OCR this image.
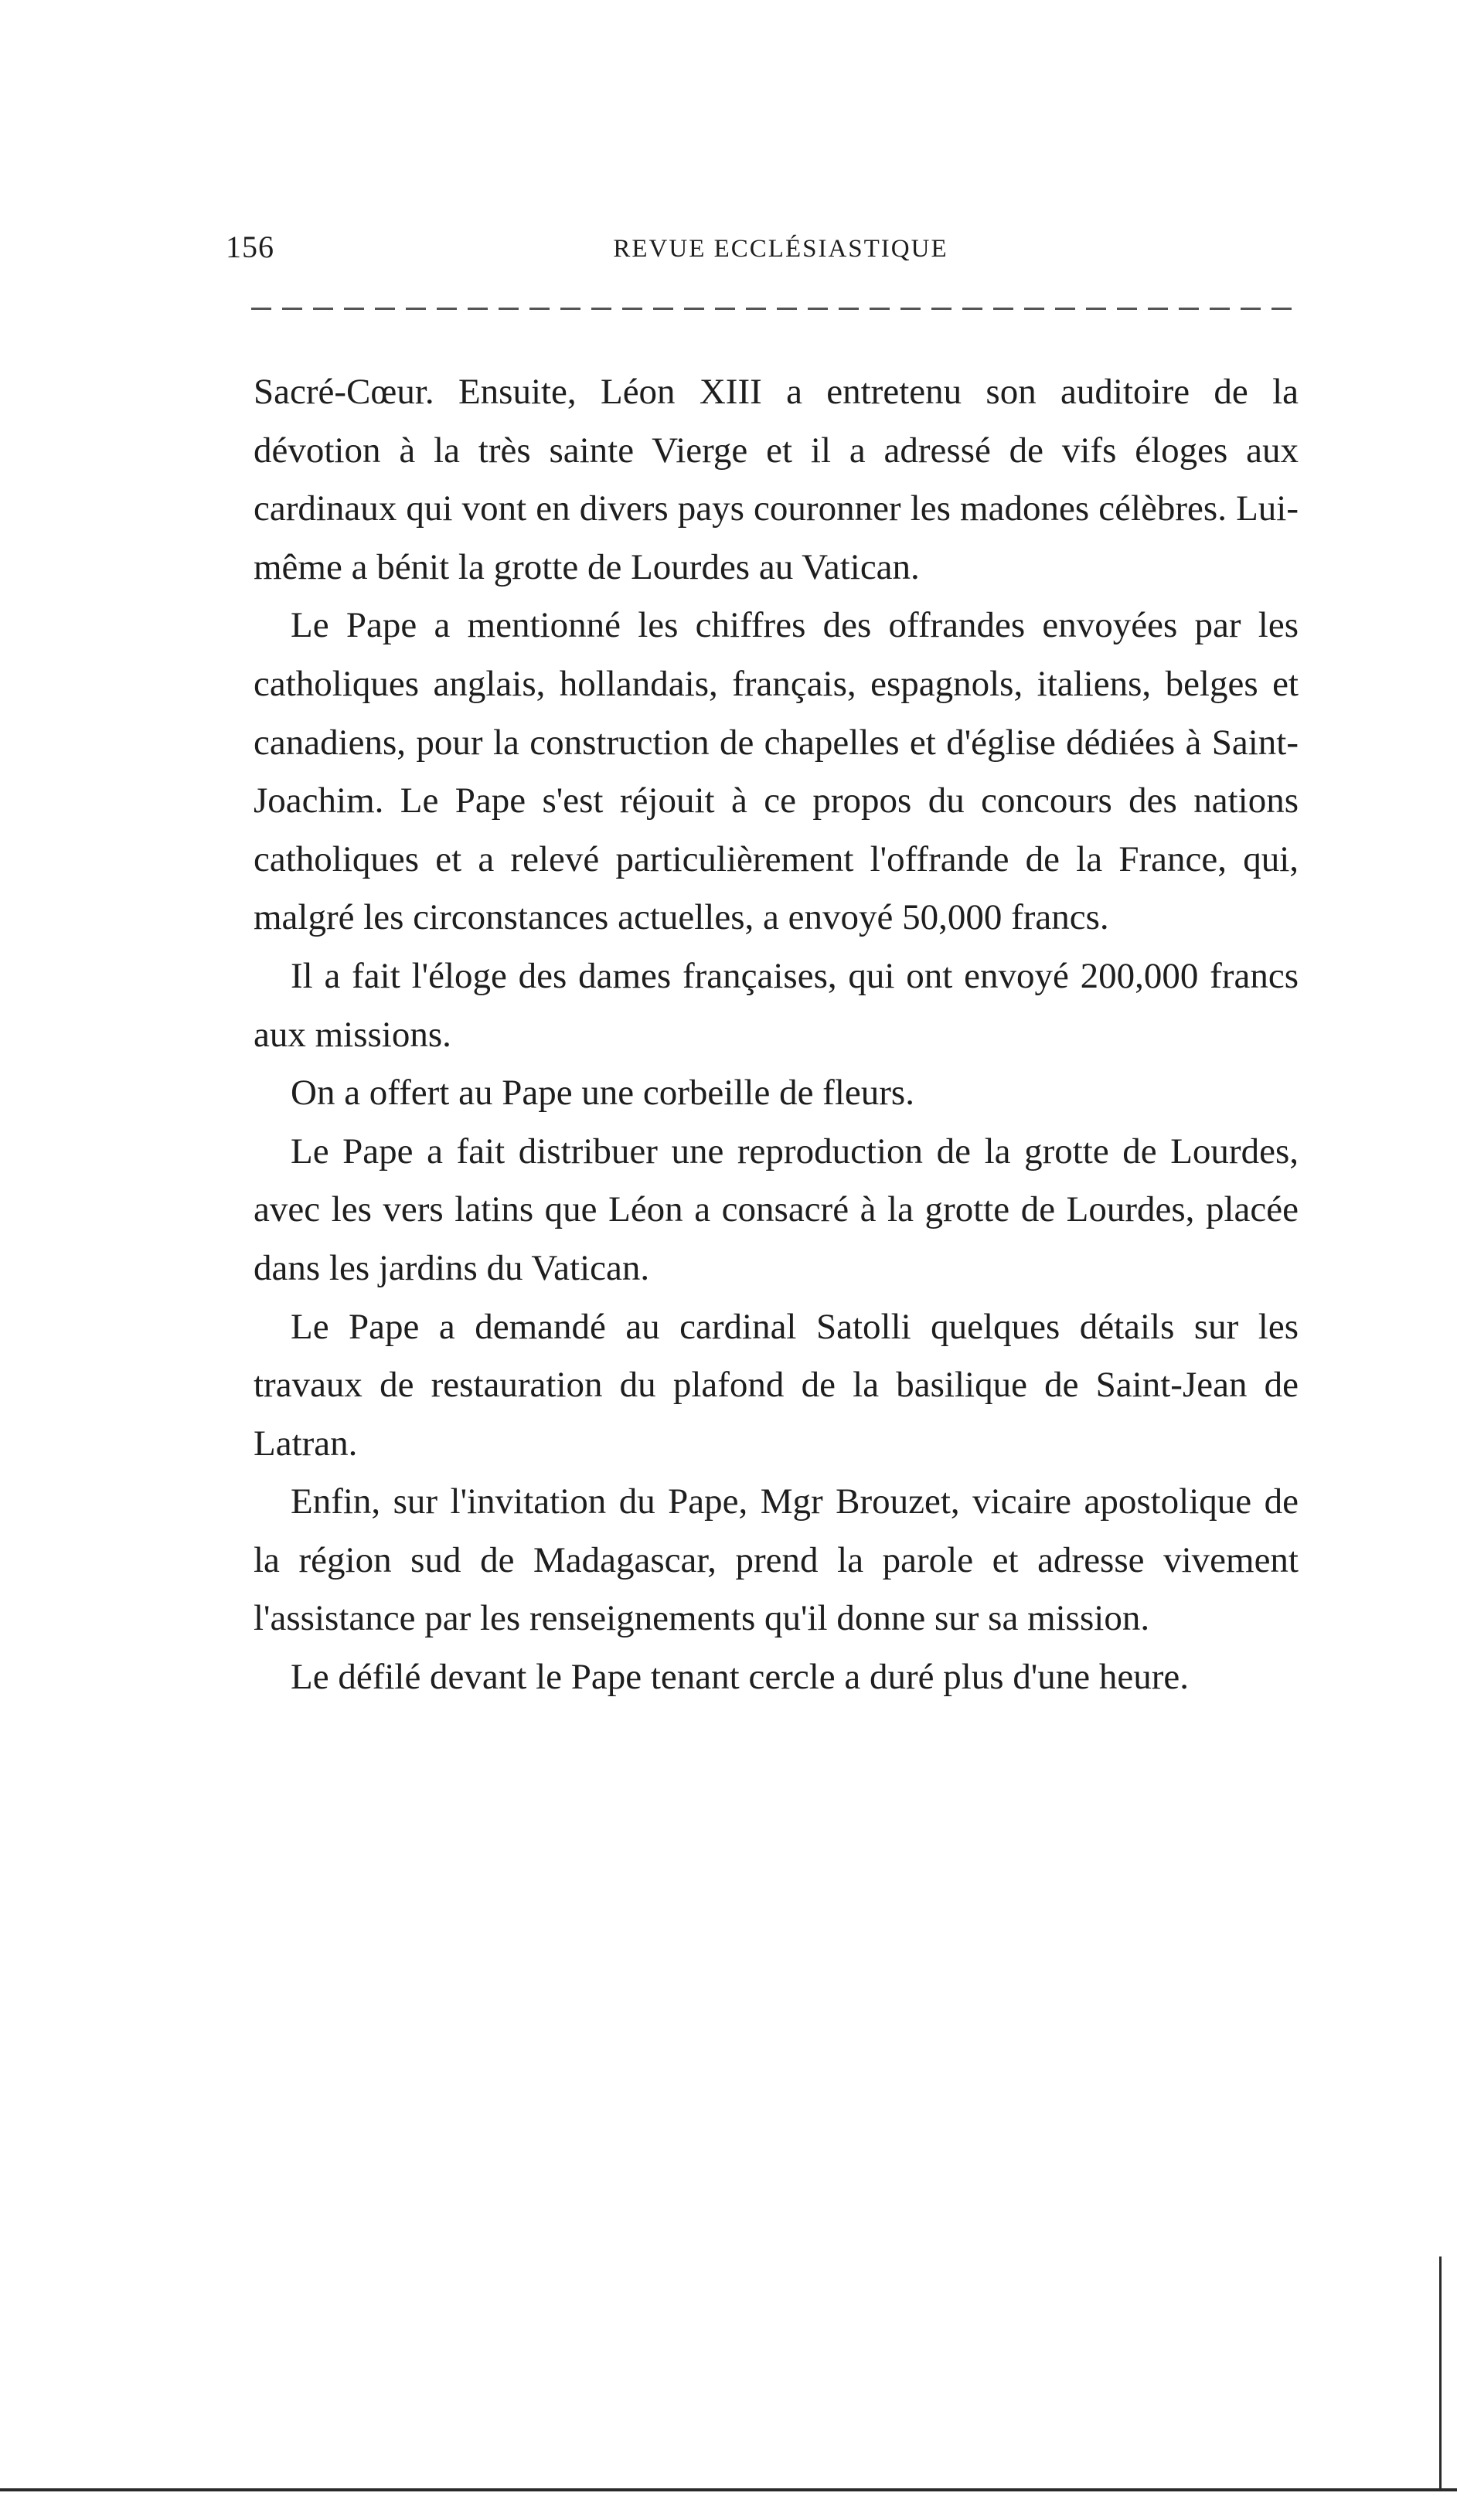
156	REVUE ECCLÉSIASTIQUE

Sacré-Cœur. Ensuite, Léon XIII a entretenu son auditoire de la dévotion à la très sainte Vierge et il a adressé de vifs éloges aux cardinaux qui vont en divers pays couronner les madones célèbres. Lui-même a bénit la grotte de Lourdes au Vatican.

Le Pape a mentionné les chiffres des offrandes envoyées par les catholiques anglais, hollandais, français, espagnols, italiens, belges et canadiens, pour la construction de chapelles et d'église dédiées à Saint-Joachim. Le Pape s'est réjouit à ce propos du concours des nations catholiques et a relevé particulièrement l'offrande de la France, qui, malgré les circonstances actuelles, a envoyé 50,000 francs.

Il a fait l'éloge des dames françaises, qui ont envoyé 200,000 francs aux missions.

On a offert au Pape une corbeille de fleurs.

Le Pape a fait distribuer une reproduction de la grotte de Lourdes, avec les vers latins que Léon a consacré à la grotte de Lourdes, placée dans les jardins du Vatican.

Le Pape a demandé au cardinal Satolli quelques détails sur les travaux de restauration du plafond de la basilique de Saint-Jean de Latran.

Enfin, sur l'invitation du Pape, Mgr Brouzet, vicaire apostolique de la région sud de Madagascar, prend la parole et adresse vivement l'assistance par les renseignements qu'il donne sur sa mission.

Le défilé devant le Pape tenant cercle a duré plus d'une heure.
